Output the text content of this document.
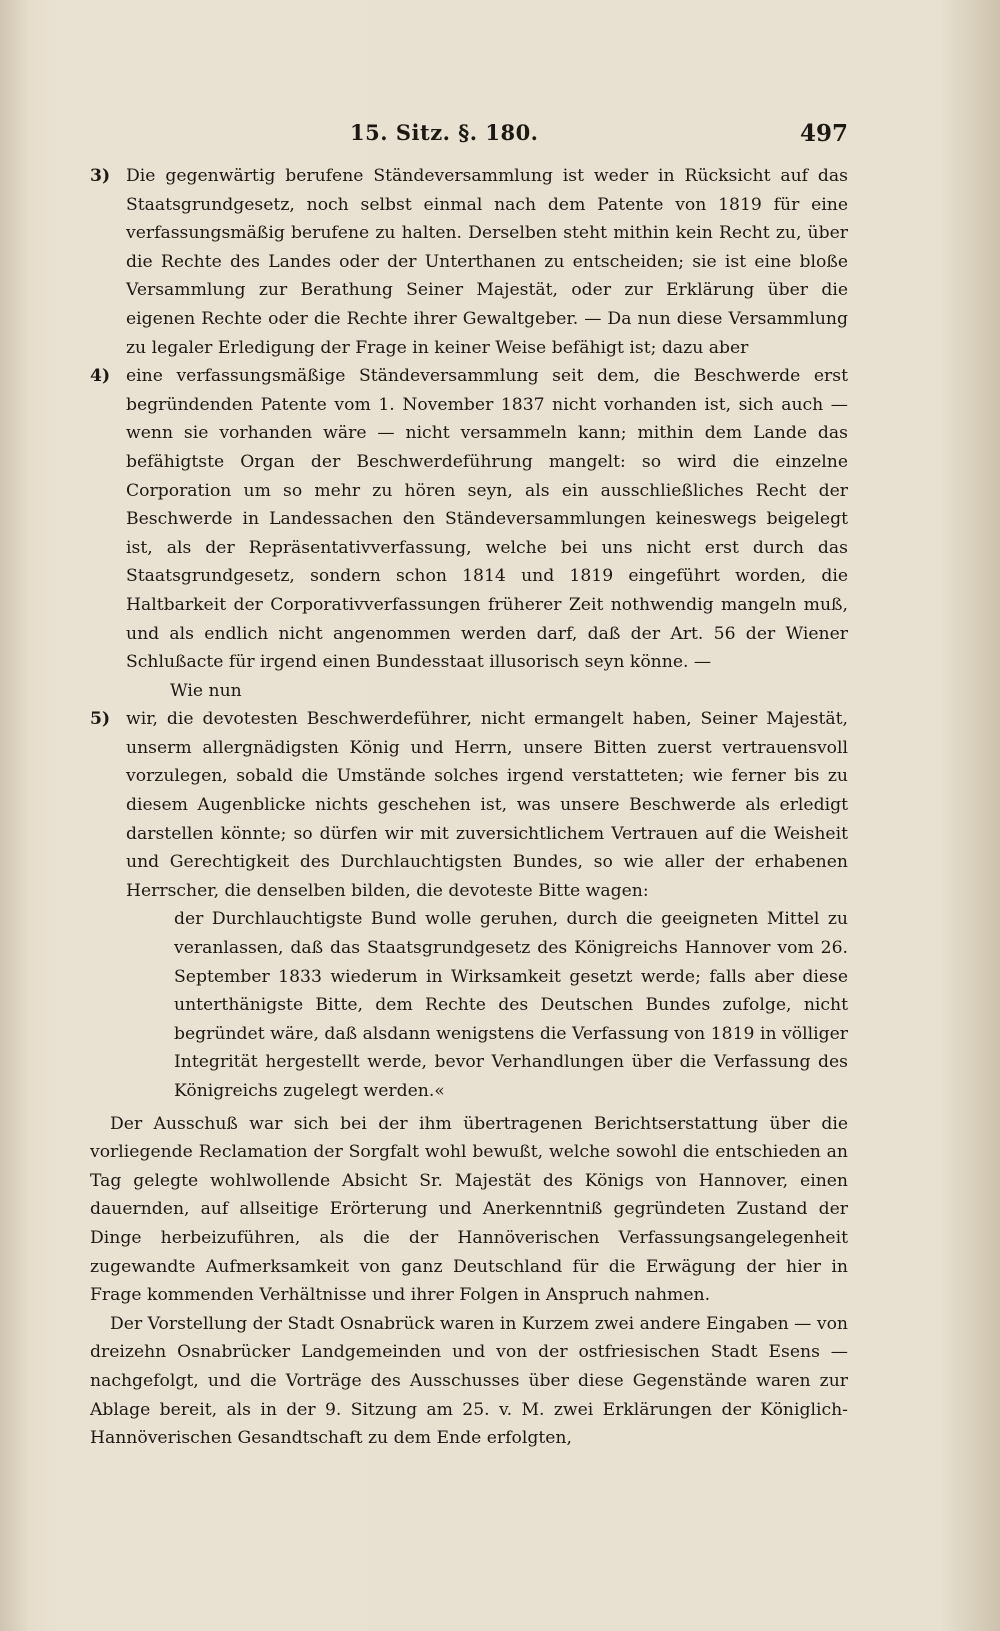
15. Sitz. §. 180.	497
3) Die gegenwärtig berufene Ständeversammlung ist weder in Rücksicht auf das Staatsgrundgesetz, noch selbst einmal nach dem Patente von 1819 für eine verfassungsmäßig berufene zu halten. Derselben steht mithin kein Recht zu, über die Rechte des Landes oder der Unterthanen zu entscheiden; sie ist eine bloße Versammlung zur Berathung Seiner Majestät, oder zur Erklärung über die eigenen Rechte oder die Rechte ihrer Gewaltgeber. — Da nun diese Versammlung zu legaler Erledigung der Frage in keiner Weise befähigt ist; dazu aber
4) eine verfassungsmäßige Ständeversammlung seit dem, die Beschwerde erst begründenden Patente vom 1. November 1837 nicht vorhanden ist, sich auch — wenn sie vorhanden wäre — nicht versammeln kann; mithin dem Lande das befähigtste Organ der Beschwerdeführung mangelt: so wird die einzelne Corporation um so mehr zu hören seyn, als ein ausschließliches Recht der Beschwerde in Landessachen den Ständeversammlungen keineswegs beigelegt ist, als der Repräsentativverfassung, welche bei uns nicht erst durch das Staatsgrundgesetz, sondern schon 1814 und 1819 eingeführt worden, die Haltbarkeit der Corporativverfassungen früherer Zeit nothwendig mangeln muß, und als endlich nicht angenommen werden darf, daß der Art. 56 der Wiener Schlußacte für irgend einen Bundesstaat illusorisch seyn könne. —
Wie nun
5) wir, die devotesten Beschwerdeführer, nicht ermangelt haben, Seiner Majestät, unserm allergnädigsten König und Herrn, unsere Bitten zuerst vertrauensvoll vorzulegen, sobald die Umstände solches irgend verstatteten; wie ferner bis zu diesem Augenblicke nichts geschehen ist, was unsere Beschwerde als erledigt darstellen könnte; so dürfen wir mit zuversichtlichem Vertrauen auf die Weisheit und Gerechtigkeit des Durchlauchtigsten Bundes, so wie aller der erhabenen Herrscher, die denselben bilden, die devoteste Bitte wagen:
der Durchlauchtigste Bund wolle geruhen, durch die geeigneten Mittel zu veranlassen, daß das Staatsgrundgesetz des Königreichs Hannover vom 26. September 1833 wiederum in Wirksamkeit gesetzt werde; falls aber diese unterthänigste Bitte, dem Rechte des Deutschen Bundes zufolge, nicht begründet wäre, daß alsdann wenigstens die Verfassung von 1819 in völliger Integrität hergestellt werde, bevor Verhandlungen über die Verfassung des Königreichs zugelegt werden.«
Der Ausschuß war sich bei der ihm übertragenen Berichtserstattung über die vorliegende Reclamation der Sorgfalt wohl bewußt, welche sowohl die entschieden an Tag gelegte wohlwollende Absicht Sr. Majestät des Königs von Hannover, einen dauernden, auf allseitige Erörterung und Anerkenntniß gegründeten Zustand der Dinge herbeizuführen, als die der Hannöverischen Verfassungsangelegenheit zugewandte Aufmerksamkeit von ganz Deutschland für die Erwägung der hier in Frage kommenden Verhältnisse und ihrer Folgen in Anspruch nahmen.
Der Vorstellung der Stadt Osnabrück waren in Kurzem zwei andere Eingaben — von dreizehn Osnabrücker Landgemeinden und von der ostfriesischen Stadt Esens — nachgefolgt, und die Vorträge des Ausschusses über diese Gegenstände waren zur Ablage bereit, als in der 9. Sitzung am 25. v. M. zwei Erklärungen der Königlich-Hannöverischen Gesandtschaft zu dem Ende erfolgten,
